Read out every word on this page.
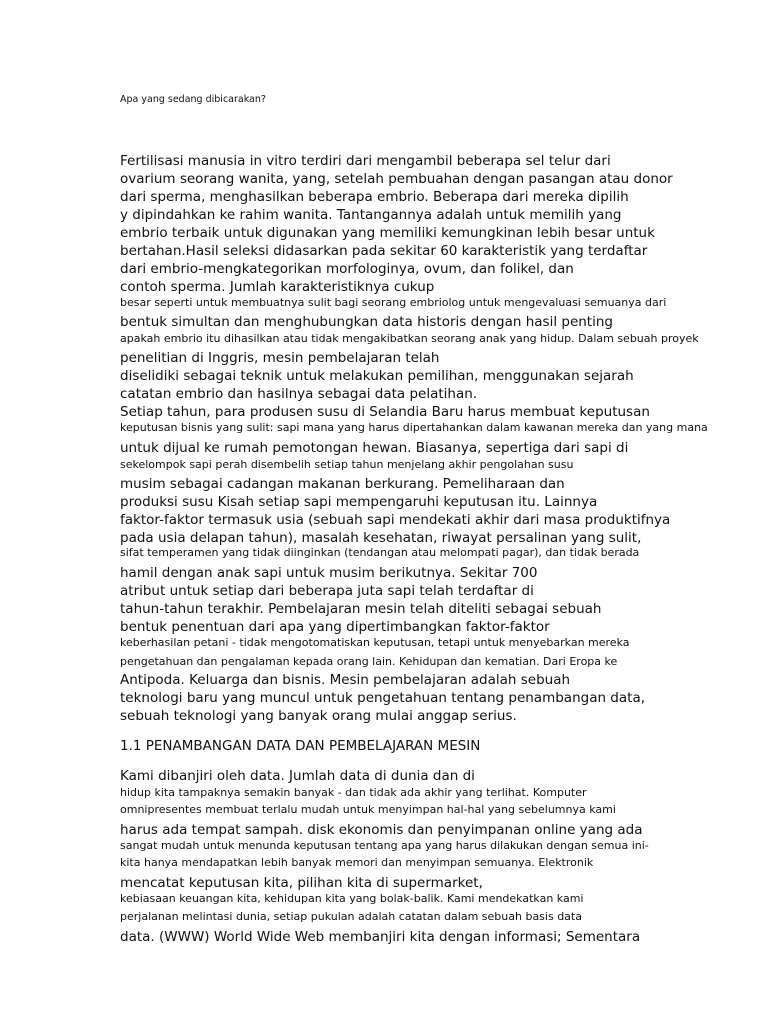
Apa yang sedang dibicarakan?

Fertilisasi manusia in vitro terdiri dari mengambil beberapa sel telur dari

ovarium seorang wanita, yang, setelah pembuahan dengan pasangan atau donor

dari sperma, menghasilkan beberapa embrio. Beberapa dari mereka dipilih

y dipindahkan ke rahim wanita. Tantangannya adalah untuk memilih yang

embrio terbaik untuk digunakan yang memiliki kemungkinan lebih besar untuk

bertahan.Hasil seleksi didasarkan pada sekitar 60 karakteristik yang terdaftar

dari embrio-mengkategorikan morfologinya, ovum, dan folikel, dan

contoh sperma. Jumlah karakteristiknya cukup

besar seperti untuk membuatnya sulit bagi seorang embriolog untuk mengevaluasi semuanya dari

bentuk simultan dan menghubungkan data historis dengan hasil penting

apakah embrio itu dihasilkan atau tidak mengakibatkan seorang anak yang hidup. Dalam sebuah proyek

penelitian di Inggris, mesin pembelajaran telah

diselidiki sebagai teknik untuk melakukan pemilihan, menggunakan sejarah

catatan embrio dan hasilnya sebagai data pelatihan.

Setiap tahun, para produsen susu di Selandia Baru harus membuat keputusan

keputusan bisnis yang sulit: sapi mana yang harus dipertahankan dalam kawanan mereka dan yang mana

untuk dijual ke rumah pemotongan hewan. Biasanya, sepertiga dari sapi di

sekelompok sapi perah disembelih setiap tahun menjelang akhir pengolahan susu

musim sebagai cadangan makanan berkurang. Pemeliharaan dan

produksi susu Kisah setiap sapi mempengaruhi keputusan itu. Lainnya

faktor-faktor termasuk usia (sebuah sapi mendekati akhir dari masa produktifnya

pada usia delapan tahun), masalah kesehatan, riwayat persalinan yang sulit,

sifat temperamen yang tidak diinginkan (tendangan atau melompati pagar), dan tidak berada

hamil dengan anak sapi untuk musim berikutnya. Sekitar 700

atribut untuk setiap dari beberapa juta sapi telah terdaftar di

tahun-tahun terakhir. Pembelajaran mesin telah diteliti sebagai sebuah

bentuk penentuan dari apa yang dipertimbangkan faktor-faktor

keberhasilan petani - tidak mengotomatiskan keputusan, tetapi untuk menyebarkan mereka

pengetahuan dan pengalaman kepada orang lain. Kehidupan dan kematian. Dari Eropa ke

Antipoda. Keluarga dan bisnis. Mesin pembelajaran adalah sebuah

teknologi baru yang muncul untuk pengetahuan tentang penambangan data,

sebuah teknologi yang banyak orang mulai anggap serius.

1.1 PENAMBANGAN DATA DAN PEMBELAJARAN MESIN

Kami dibanjiri oleh data. Jumlah data di dunia dan di

hidup kita tampaknya semakin banyak - dan tidak ada akhir yang terlihat. Komputer

omnipresentes membuat terlalu mudah untuk menyimpan hal-hal yang sebelumnya kami

harus ada tempat sampah. disk ekonomis dan penyimpanan online yang ada

sangat mudah untuk menunda keputusan tentang apa yang harus dilakukan dengan semua ini-

kita hanya mendapatkan lebih banyak memori dan menyimpan semuanya. Elektronik

mencatat keputusan kita, pilihan kita di supermarket,

kebiasaan keuangan kita, kehidupan kita yang bolak-balik. Kami mendekatkan kami

perjalanan melintasi dunia, setiap pukulan adalah catatan dalam sebuah basis data

data. (WWW) World Wide Web membanjiri kita dengan informasi; Sementara
